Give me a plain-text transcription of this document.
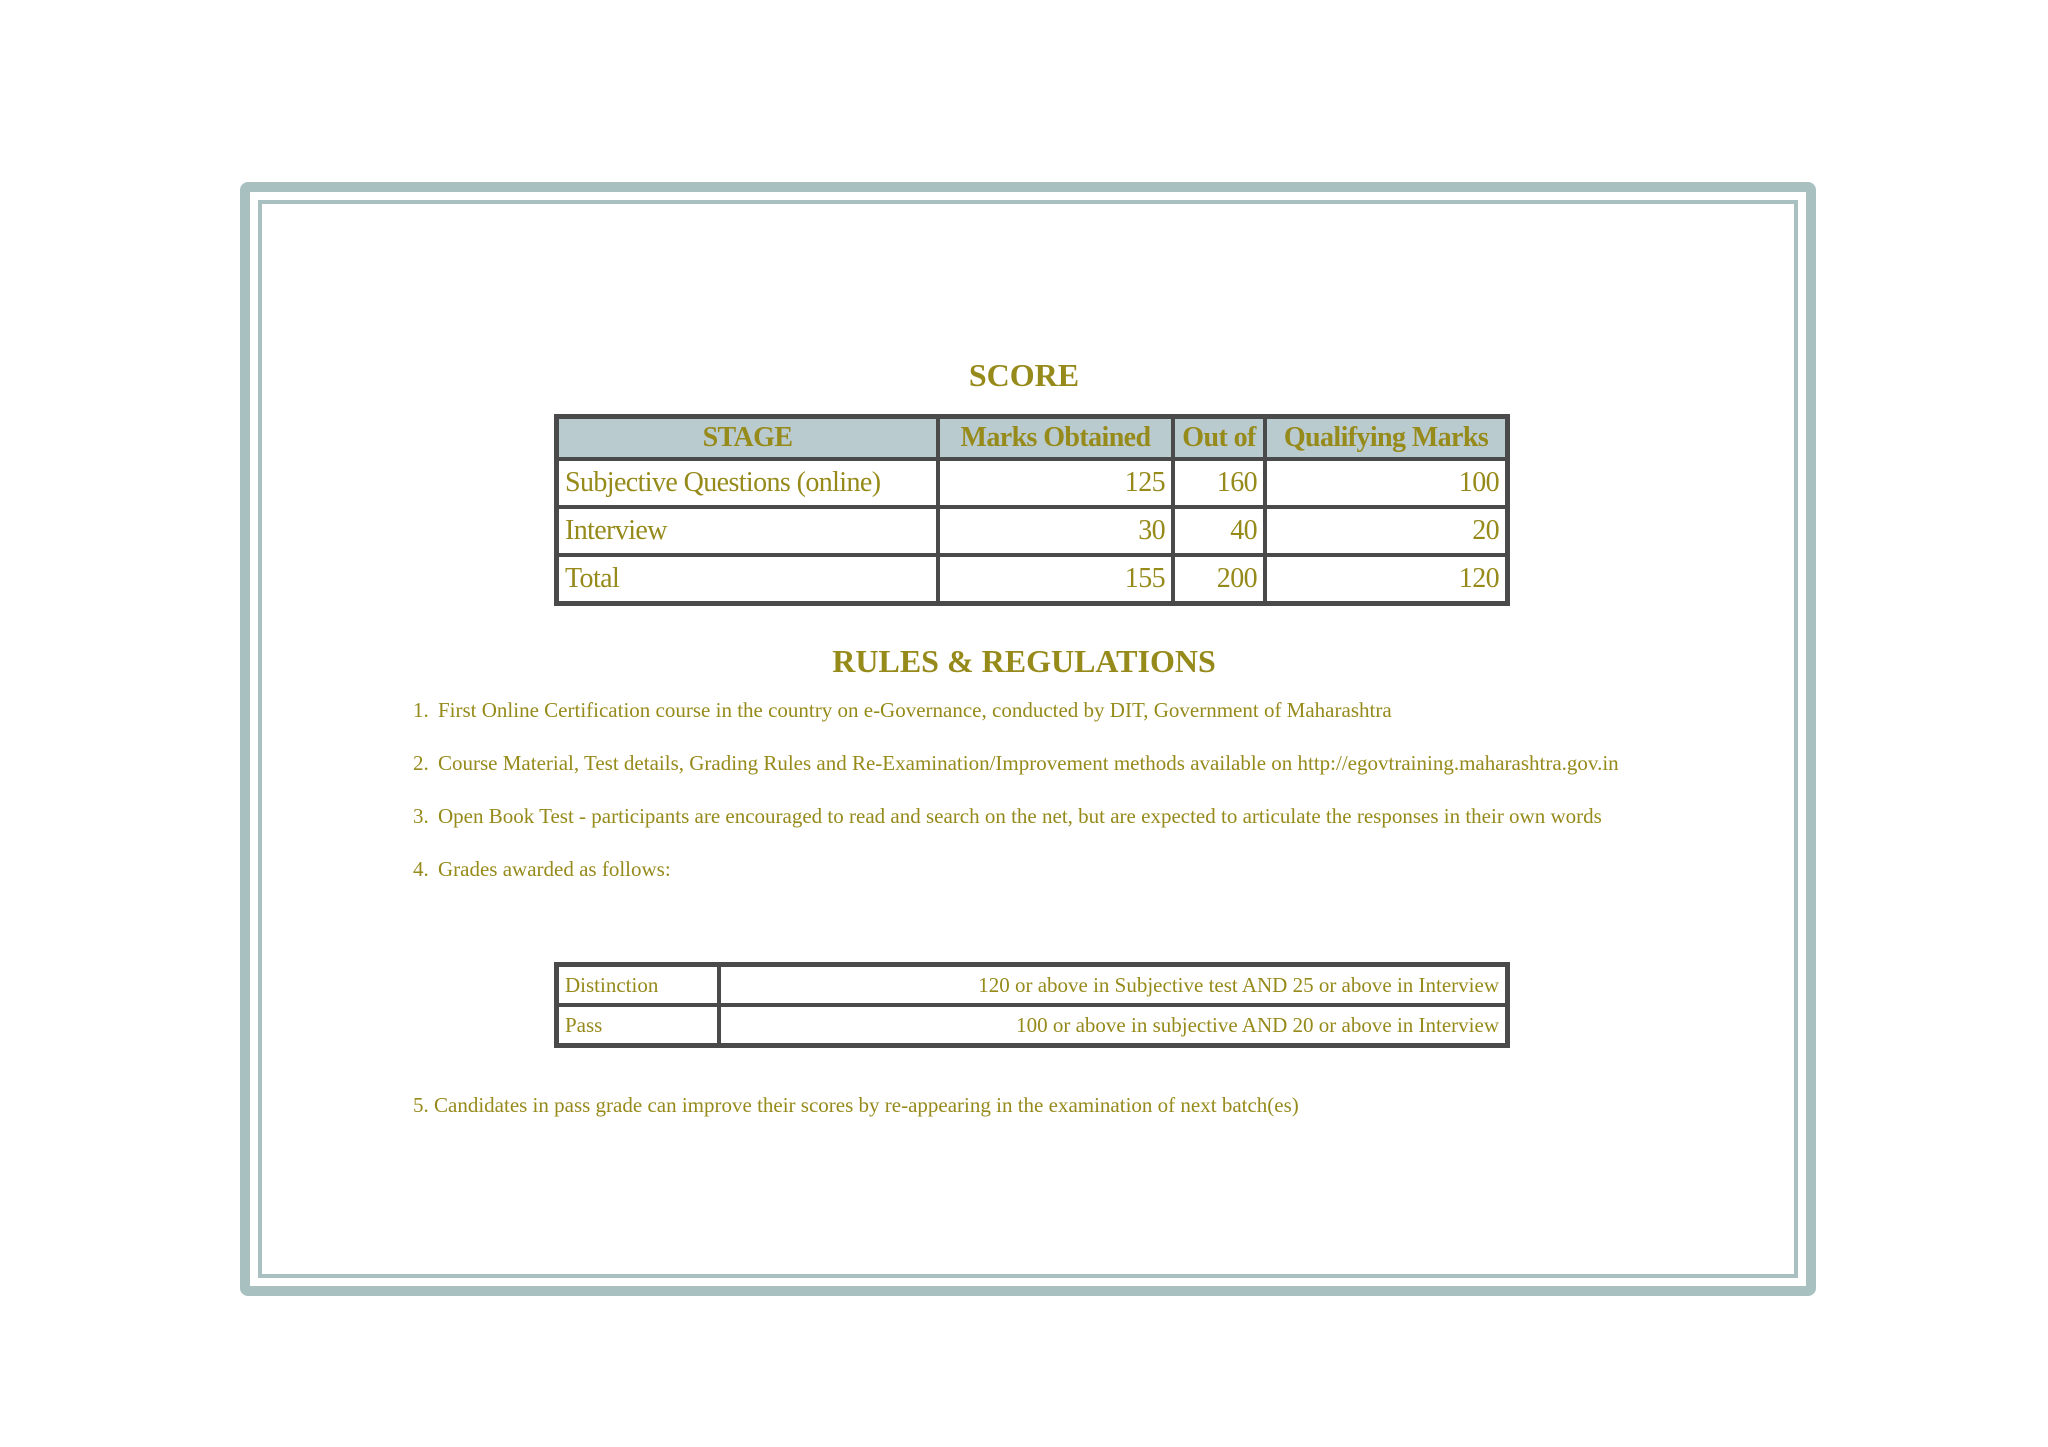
SCORE
STAGE	Marks Obtained	Out of	Qualifying Marks
Subjective Questions (online)	125	160	100
Interview	30	40	20
Total	155	200	120
RULES & REGULATIONS
1. First Online Certification course in the country on e-Governance, conducted by DIT, Government of Maharashtra
2. Course Material, Test details, Grading Rules and Re-Examination/Improvement methods available on http://egovtraining.maharashtra.gov.in
3. Open Book Test - participants are encouraged to read and search on the net, but are expected to articulate the responses in their own words
4. Grades awarded as follows:
Distinction	120 or above in Subjective test AND 25 or above in Interview
Pass	100 or above in subjective AND 20 or above in Interview
5. Candidates in pass grade can improve their scores by re-appearing in the examination of next batch(es)
